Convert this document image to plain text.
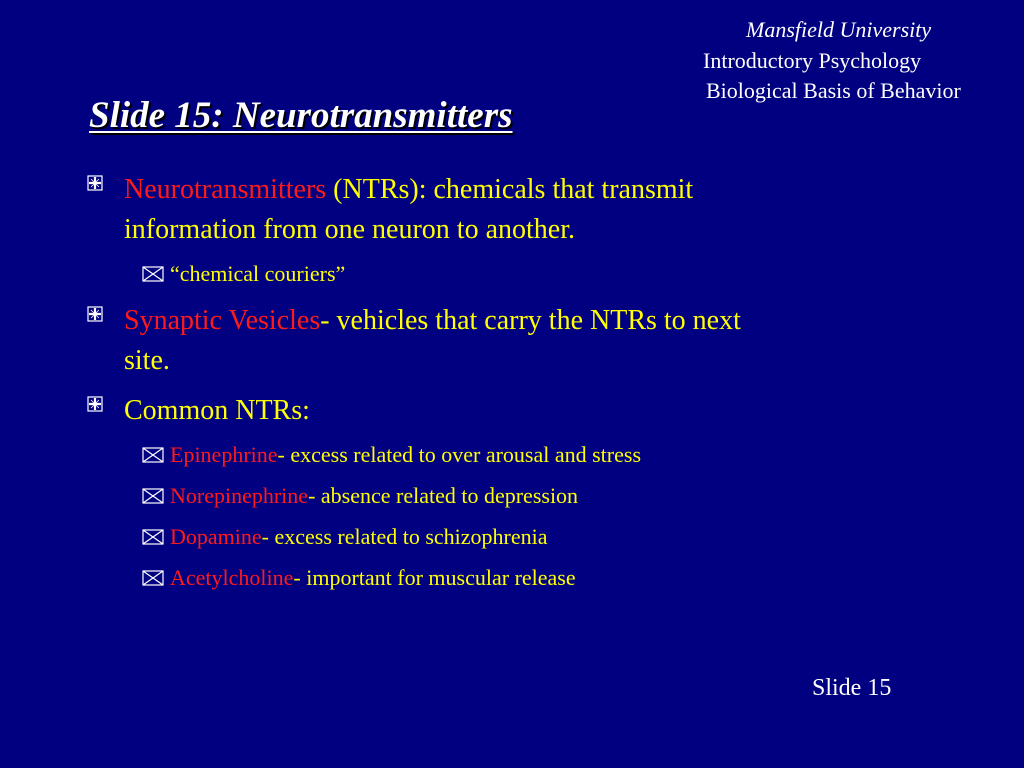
Mansfield University
Introductory Psychology
Biological Basis of Behavior
Slide 15: Neurotransmitters
Neurotransmitters (NTRs): chemicals that transmit
information from one neuron to another.
“chemical couriers”
Synaptic Vesicles- vehicles that carry the NTRs to next
site.
Common NTRs:
Epinephrine- excess related to over arousal and stress
Norepinephrine- absence related to depression
Dopamine- excess related to schizophrenia
Acetylcholine- important for muscular release
Slide 15
